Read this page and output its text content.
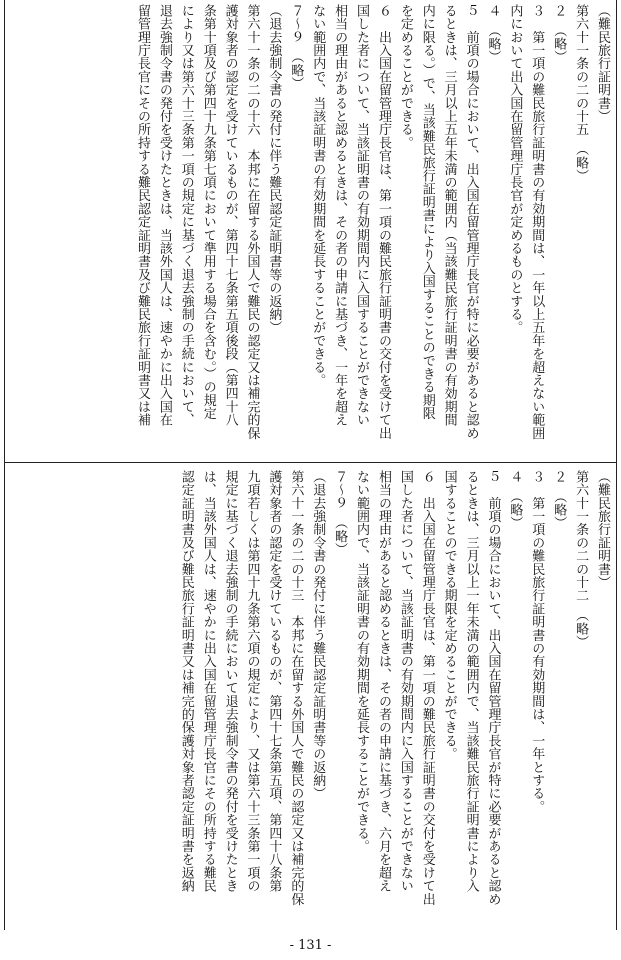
（難民旅行証明書）

第六十一条の二の十五　（略）

２　（略）

３　第一項の難民旅行証明書の有効期間は、一年以上五年を超えない範囲

内において出入国在留管理庁長官が定めるものとする。

４　（略）

５　前項の場合において、出入国在留管理庁長官が特に必要があると認め

るときは、三月以上五年未満の範囲内（当該難民旅行証明書の有効期間

内に限る。）で、当該難民旅行証明書により入国することのできる期限

を定めることができる。

６　出入国在留管理庁長官は、第一項の難民旅行証明書の交付を受けて出

国した者について、当該証明書の有効期間内に入国することができない

相当の理由があると認めるときは、その者の申請に基づき、一年を超え

ない範囲内で、当該証明書の有効期間を延長することができる。

７〜９　（略）

（退去強制令書の発付に伴う難民認定証明書等の返納）

第六十一条の二の十六　本邦に在留する外国人で難民の認定又は補完的保

護対象者の認定を受けているものが、第四十七条第五項後段（第四十八

条第十項及び第四十九条第七項において準用する場合を含む。）の規定

により又は第六十三条第一項の規定に基づく退去強制の手続において、

退去強制令書の発付を受けたときは、当該外国人は、速やかに出入国在

留管理庁長官にその所持する難民認定証明書及び難民旅行証明書又は補

（難民旅行証明書）

第六十一条の二の十二　（略）

２　（略）

３　第一項の難民旅行証明書の有効期間は、一年とする。

４　（略）

５　前項の場合において、出入国在留管理庁長官が特に必要があると認め

るときは、三月以上一年未満の範囲内で、当該難民旅行証明書により入

国することのできる期限を定めることができる。

６　出入国在留管理庁長官は、第一項の難民旅行証明書の交付を受けて出

国した者について、当該証明書の有効期間内に入国することができない

相当の理由があると認めるときは、その者の申請に基づき、六月を超え

ない範囲内で、当該証明書の有効期間を延長することができる。

７〜９　（略）

（退去強制令書の発付に伴う難民認定証明書等の返納）

第六十一条の二の十三　本邦に在留する外国人で難民の認定又は補完的保

護対象者の認定を受けているものが、第四十七条第五項、第四十八条第

九項若しくは第四十九条第六項の規定により、又は第六十三条第一項の

規定に基づく退去強制の手続において退去強制令書の発付を受けたとき

は、当該外国人は、速やかに出入国在留管理庁長官にその所持する難民

認定証明書及び難民旅行証明書又は補完的保護対象者認定証明書を返納

- 131 -
